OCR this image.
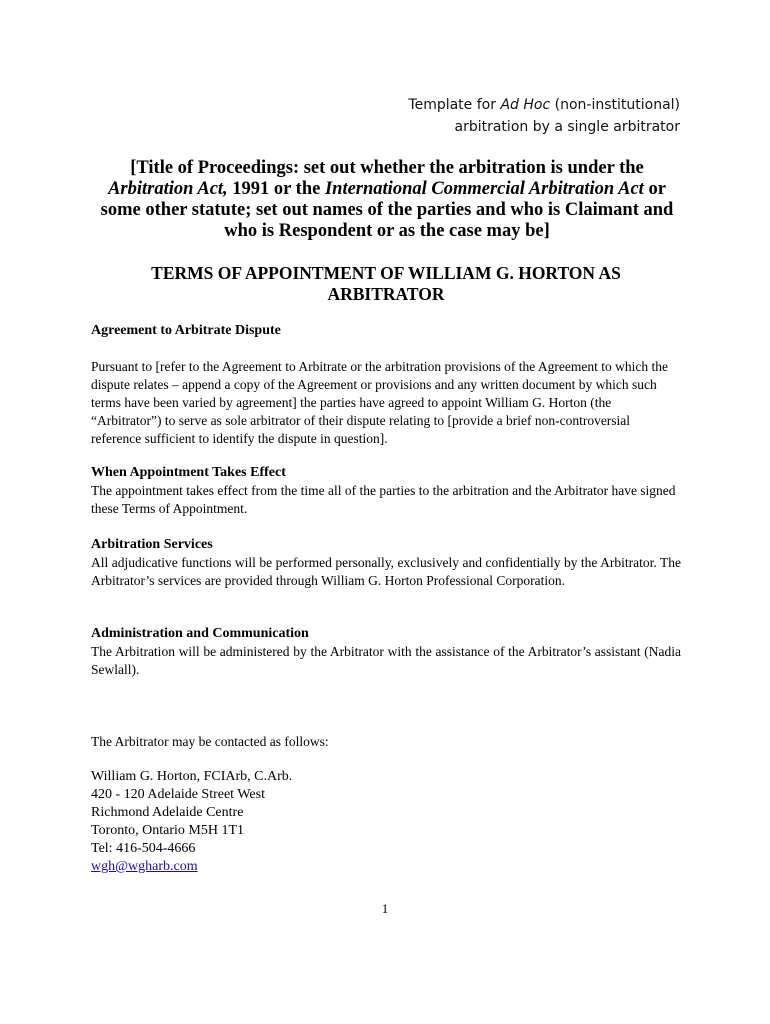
Template for Ad Hoc (non-institutional)
arbitration by a single arbitrator
[Title of Proceedings: set out whether the arbitration is under the Arbitration Act, 1991 or the International Commercial Arbitration Act or some other statute; set out names of the parties and who is Claimant and who is Respondent or as the case may be]
TERMS OF APPOINTMENT OF WILLIAM G. HORTON AS ARBITRATOR
Agreement to Arbitrate Dispute
Pursuant to [refer to the Agreement to Arbitrate or the arbitration provisions of the Agreement to which the dispute relates – append a copy of the Agreement or provisions and any written document by which such terms have been varied by agreement] the parties have agreed to appoint William G. Horton (the “Arbitrator”) to serve as sole arbitrator of their dispute relating to [provide a brief non-controversial reference sufficient to identify the dispute in question].
When Appointment Takes Effect
The appointment takes effect from the time all of the parties to the arbitration and the Arbitrator have signed these Terms of Appointment.
Arbitration Services
All adjudicative functions will be performed personally, exclusively and confidentially by the Arbitrator. The Arbitrator’s services are provided through William G. Horton Professional Corporation.
Administration and Communication
The Arbitration will be administered by the Arbitrator with the assistance of the Arbitrator’s assistant (Nadia Sewlall).
The Arbitrator may be contacted as follows:
William G. Horton, FCIArb, C.Arb.
420 - 120 Adelaide Street West
Richmond Adelaide Centre
Toronto, Ontario M5H 1T1
Tel: 416-504-4666
wgh@wgharb.com
1
